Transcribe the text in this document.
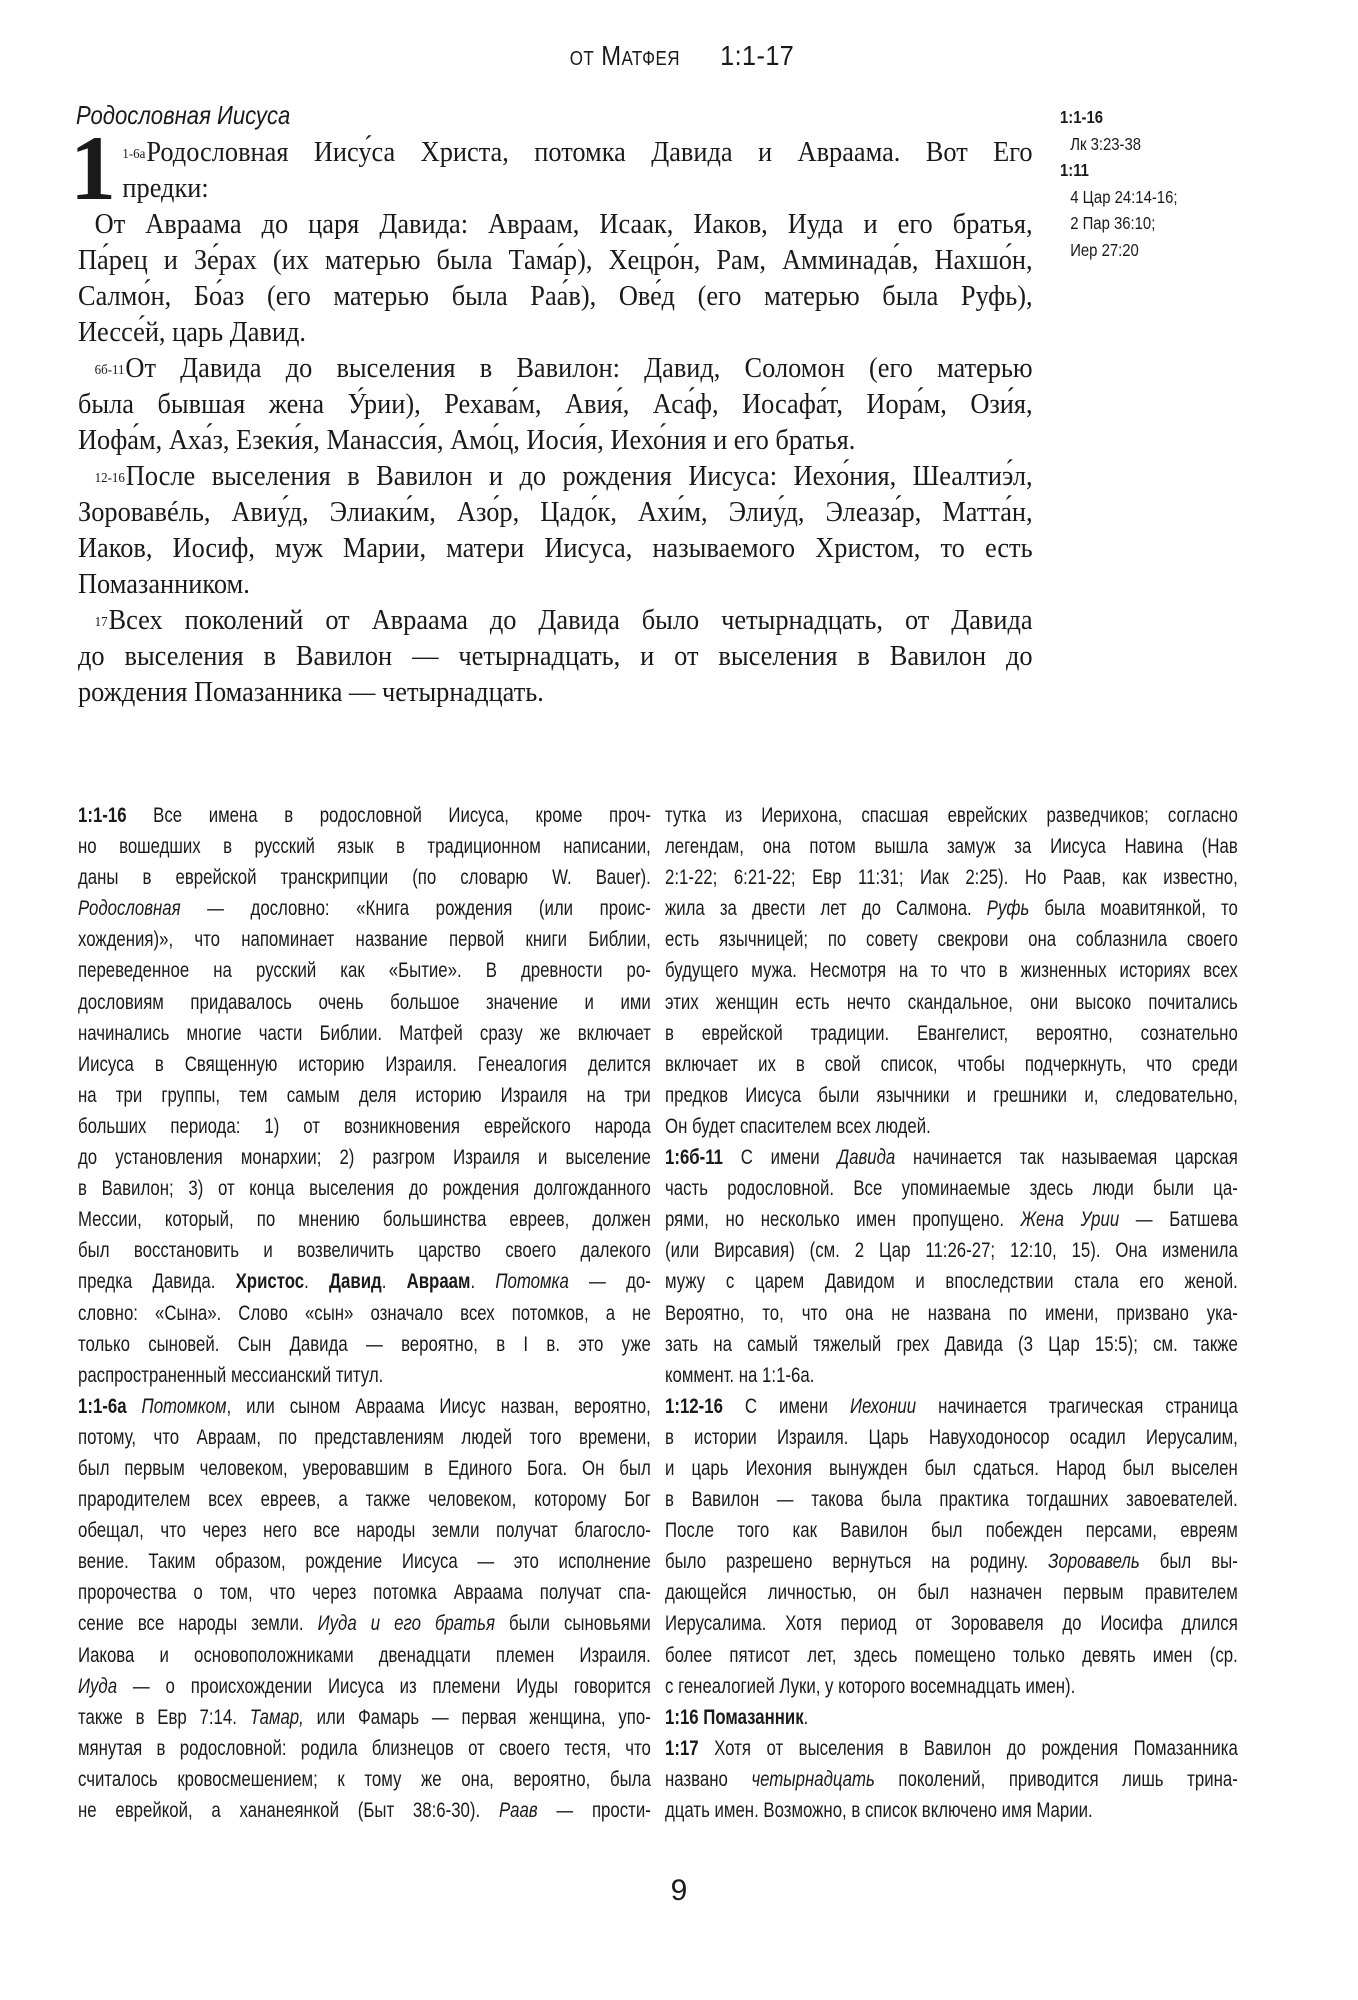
от Матфея 1:1-17
Родословная Иисуса
1 $^{1-6а}$Родословная Иису́са Христа, потомка Давида и Авраама. Вот Его
предки:
От Авраама до царя Давида: Авраам, Исаак, Иаков, Иуда и его братья,
Па́рец и Зе́рах (их матерью была Тама́р), Хецро́н, Рам, Амминада́в, Нахшо́н,
Салмо́н, Бо́аз (его матерью была Раа́в), Ове́д (его матерью была Руфь),
Иессе́й, царь Давид.
$^{6б-11}$От Давида до выселения в Вавилон: Давид, Соломон (его матерью
была бывшая жена У́рии), Рехава́м, Авия́, Аса́ф, Иосафа́т, Иора́м, Ози́я,
Иофа́м, Аха́з, Езеки́я, Манасси́я, Амо́ц, Иоси́я, Иехо́ния и его братья.
$^{12-16}$После выселения в Вавилон и до рождения Иисуса: Иехо́ния, Шеалтиэ́л,
Зоровавéль, Авиу́д, Элиаки́м, Азо́р, Цадо́к, Ахи́м, Элиу́д, Элеаза́р, Матта́н,
Иаков, Иосиф, муж Марии, матери Иисуса, называемого Христом, то есть
Помазанником.
$^{17}$Всех поколений от Авраама до Давида было четырнадцать, от Давида
до выселения в Вавилон — четырнадцать, и от выселения в Вавилон до
рождения Помазанника — четырнадцать.
1:1-16
Лк 3:23-38
1:11
4 Цар 24:14-16;
2 Пар 36:10;
Иер 27:20
1:1-16 Все имена в родословной Иисуса, кроме проч-
но вошедших в русский язык в традиционном написании,
даны в еврейской транскрипции (по словарю W. Bauer).
Родословная — дословно: «Книга рождения (или проис-
хождения)», что напоминает название первой книги Библии,
переведенное на русский как «Бытие». В древности ро-
дословиям придавалось очень большое значение и ими
начинались многие части Библии. Матфей сразу же включает
Иисуса в Священную историю Израиля. Генеалогия делится
на три группы, тем самым деля историю Израиля на три
больших периода: 1) от возникновения еврейского народа
до установления монархии; 2) разгром Израиля и выселение
в Вавилон; 3) от конца выселения до рождения долгожданного
Мессии, который, по мнению большинства евреев, должен
был восстановить и возвеличить царство своего далекого
предка Давида. Христос. Давид. Авраам. Потомка — до-
словно: «Сына». Слово «сын» означало всех потомков, а не
только сыновей. Сын Давида — вероятно, в I в. это уже
распространенный мессианский титул.
1:1-6а Потомком, или сыном Авраама Иисус назван, вероятно,
потому, что Авраам, по представлениям людей того времени,
был первым человеком, уверовавшим в Единого Бога. Он был
прародителем всех евреев, а также человеком, которому Бог
обещал, что через него все народы земли получат благосло-
вение. Таким образом, рождение Иисуса — это исполнение
пророчества о том, что через потомка Авраама получат спа-
сение все народы земли. Иуда и его братья были сыновьями
Иакова и основоположниками двенадцати племен Израиля.
Иуда — о происхождении Иисуса из племени Иуды говорится
также в Евр 7:14. Тамар, или Фамарь — первая женщина, упо-
мянутая в родословной: родила близнецов от своего тестя, что
считалось кровосмешением; к тому же она, вероятно, была
не еврейкой, а хананеянкой (Быт 38:6-30). Раав — прости-
тутка из Иерихона, спасшая еврейских разведчиков; согласно
легендам, она потом вышла замуж за Иисуса Навина (Нав
2:1-22; 6:21-22; Евр 11:31; Иак 2:25). Но Раав, как известно,
жила за двести лет до Салмона. Руфь была моавитянкой, то
есть язычницей; по совету свекрови она соблазнила своего
будущего мужа. Несмотря на то что в жизненных историях всех
этих женщин есть нечто скандальное, они высоко почитались
в еврейской традиции. Евангелист, вероятно, сознательно
включает их в свой список, чтобы подчеркнуть, что среди
предков Иисуса были язычники и грешники и, следовательно,
Он будет спасителем всех людей.
1:6б-11 С имени Давида начинается так называемая царская
часть родословной. Все упоминаемые здесь люди были ца-
рями, но несколько имен пропущено. Жена Урии — Батшева
(или Вирсавия) (см. 2 Цар 11:26-27; 12:10, 15). Она изменила
мужу с царем Давидом и впоследствии стала его женой.
Вероятно, то, что она не названа по имени, призвано ука-
зать на самый тяжелый грех Давида (3 Цар 15:5); см. также
коммент. на 1:1-6а.
1:12-16 С имени Иехонии начинается трагическая страница
в истории Израиля. Царь Навуходоносор осадил Иерусалим,
и царь Иехония вынужден был сдаться. Народ был выселен
в Вавилон — такова была практика тогдашних завоевателей.
После того как Вавилон был побежден персами, евреям
было разрешено вернуться на родину. Зоровавель был вы-
дающейся личностью, он был назначен первым правителем
Иерусалима. Хотя период от Зоровавеля до Иосифа длился
более пятисот лет, здесь помещено только девять имен (ср.
с генеалогией Луки, у которого восемнадцать имен).
1:16 Помазанник.
1:17 Хотя от выселения в Вавилон до рождения Помазанника
названо четырнадцать поколений, приводится лишь трина-
дцать имен. Возможно, в список включено имя Марии.
9
